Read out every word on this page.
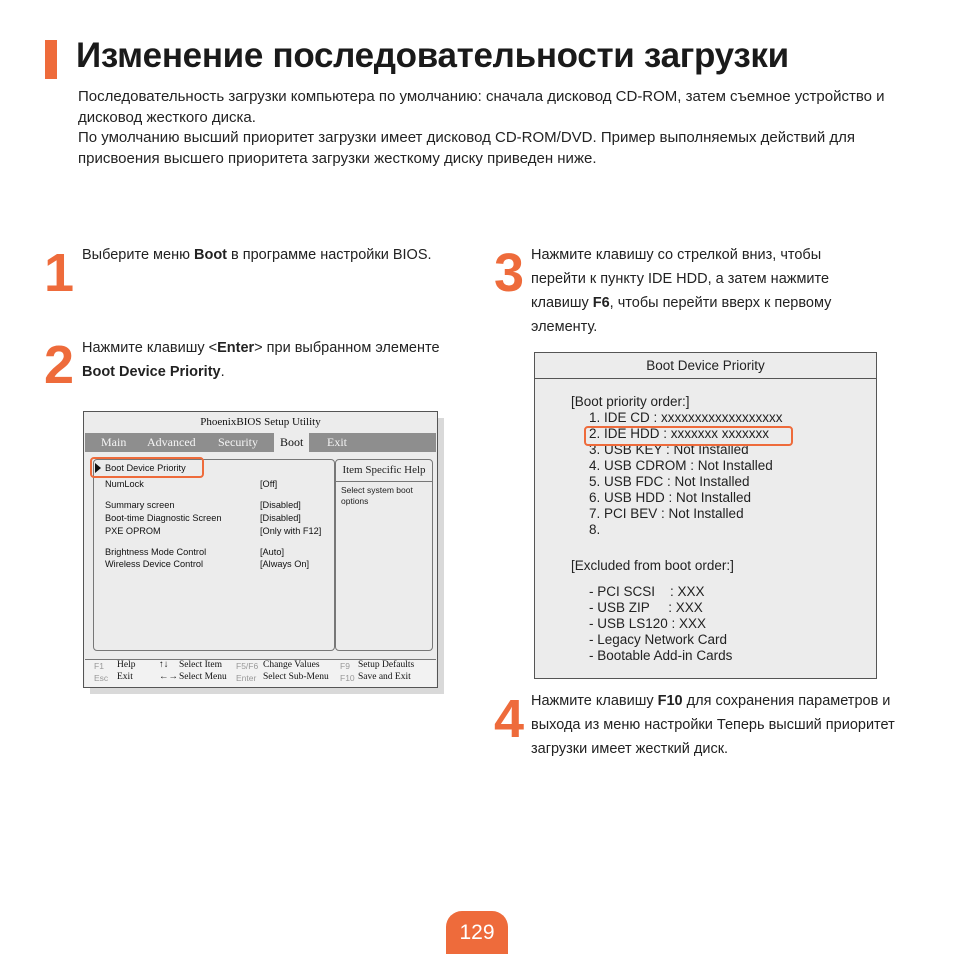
Изменение последовательности загрузки

Последовательность загрузки компьютера по умолчанию: сначала дисковод CD-ROM, затем съемное устройство и дисковод жесткого диска.

По умолчанию высший приоритет загрузки имеет дисковод CD-ROM/DVD. Пример выполняемых действий для присвоения высшего приоритета загрузки жесткому диску приведен ниже.

1 Выберите меню Boot в программе настройки BIOS.
2 Нажмите клавишу <Enter> при выбранном элементе Boot Device Priority.
PhoenixBIOS Setup Utility
Main Advanced Security	Boot	Exit
Boot Device Priority
NumLock	[Off]
Summary screen	[Disabled]
Boot-time Diagnostic Screen	[Disabled]
PXE OPROM	[Only with F12]
Brightness Mode Control	[Auto]
Wireless Device Control	[Always On]
Item Specific Help
Select system boot options
F1 Help
Esc Exit
↑↓ Select Item
←→ Select Menu
F5/F6 Change Values
Enter Select Sub-Menu
F9 Setup Defaults
F10 Save and Exit
3 Нажмите клавишу со стрелкой вниз, чтобы перейти к пункту IDE HDD, а затем нажмите клавишу F6, чтобы перейти вверх к первому элементу.
Boot Device Priority
[Boot priority order:]
1. IDE CD : xxxxxxxxxxxxxxxxxx
2. IDE HDD : xxxxxxx xxxxxxx
3. USB KEY : Not Installed
4. USB CDROM : Not Installed
5. USB FDC : Not Installed
6. USB HDD : Not Installed
7. PCI BEV : Not Installed
8.
[Excluded from boot order:]
- PCI SCSI    : XXX
- USB ZIP     : XXX
- USB LS120 : XXX
- Legacy Network Card
- Bootable Add-in Cards
4 Нажмите клавишу F10 для сохранения параметров и выхода из меню настройки Теперь высший приоритет загрузки имеет жесткий диск.
129
